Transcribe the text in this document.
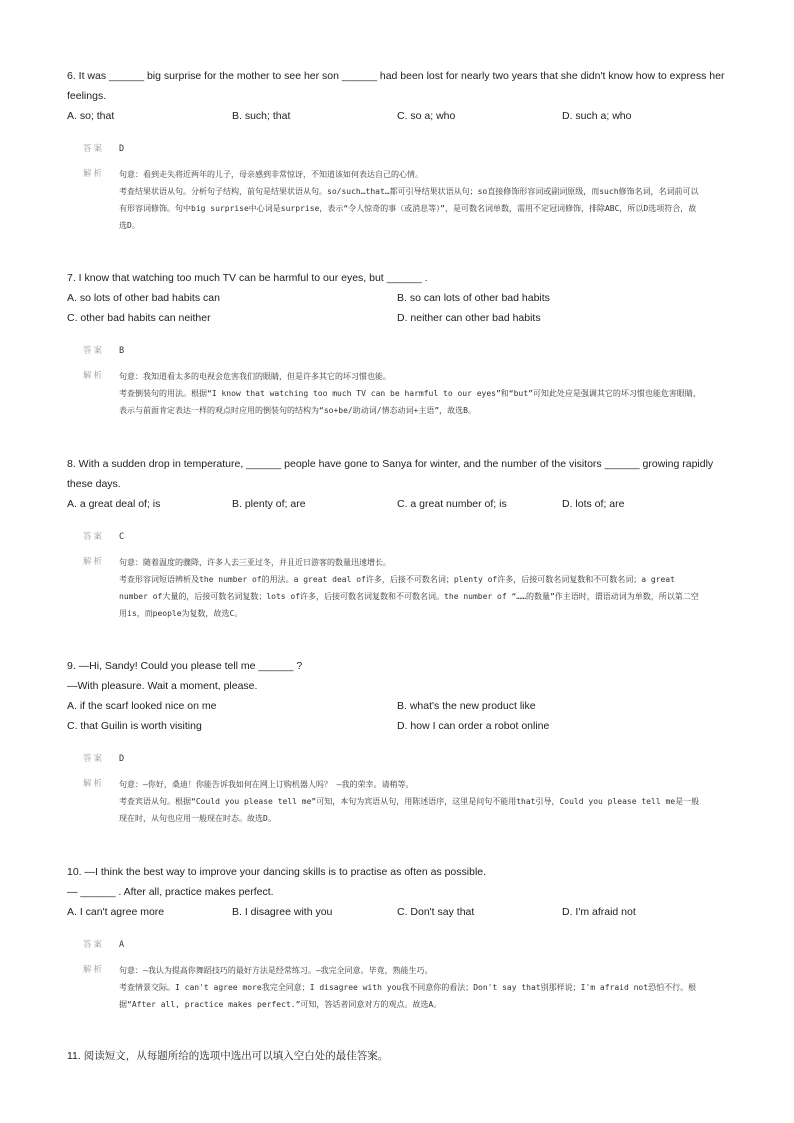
6. It was ______ big surprise for the mother to see her son ______ had been lost for nearly two years that she didn't know how to express her feelings.

A. so; that	B. such; that	C. so a; who	D. such a; who
答案 D
解析 句意：看到走失将近两年的儿子，母亲感到非常惊讶，不知道该如何表达自己的心情。

考查结果状语从句。分析句子结构，前句是结果状语从句。so/such…that…都可引导结果状语从句；so直接修饰形容词或副词原级，而such修饰名词，名词前可以有形容词修饰。句中big surprise中心词是surprise，表示“令人惊奇的事（或消息等）”，是可数名词单数，需用不定冠词修饰，排除ABC，所以D选项符合，故选D。

7. I know that watching too much TV can be harmful to our eyes, but ______ .

A. so lots of other bad habits can	B. so can lots of other bad habits
C. other bad habits can neither	D. neither can other bad habits
答案 B
解析 句意：我知道看太多的电视会危害我们的眼睛，但是许多其它的坏习惯也能。

考查倒装句的用法。根据“I know that watching too much TV can be harmful to our eyes”和“but”可知此处应是强调其它的坏习惯也能危害眼睛，表示与前面肯定表达一样的观点时应用的倒装句的结构为“so+be/助动词/情态动词+主语”，故选B。

8. With a sudden drop in temperature, ______ people have gone to Sanya for winter, and the number of the visitors ______ growing rapidly these days.

A. a great deal of; is	B. plenty of; are	C. a great number of; is	D. lots of; are
答案 C
解析 句意：随着温度的骤降，许多人去三亚过冬，并且近日游客的数量迅速增长。

考查形容词短语辨析及the number of的用法。a great deal of许多，后接不可数名词；plenty of许多，后接可数名词复数和不可数名词；a great number of大量的，后接可数名词复数；lots of许多，后接可数名词复数和不可数名词。the number of “……的数量”作主语时，谓语动词为单数，所以第二空用is，而people为复数，故选C。

9. —Hi, Sandy! Could you please tell me ______ ?
—With pleasure. Wait a moment, please.

A. if the scarf looked nice on me	B. what's the new product like
C. that Guilin is worth visiting	D. how I can order a robot online
答案 D
解析 句意：—你好，桑迪！你能告诉我如何在网上订购机器人吗？ —我的荣幸。请稍等。

考查宾语从句。根据“Could you please tell me”可知，本句为宾语从句，用陈述语序，这里是问句不能用that引导，Could you please tell me是一般现在时，从句也应用一般现在时态。故选D。

10. —I think the best way to improve your dancing skills is to practise as often as possible.
— ______ . After all, practice makes perfect.

A. I can't agree more	B. I disagree with you	C. Don't say that	D. I'm afraid not
答案 A
解析 句意：—我认为提高你舞蹈技巧的最好方法是经常练习。—我完全同意。毕竟，熟能生巧。

考查情景交际。I can't agree more我完全同意；I disagree with you我不同意你的看法；Don't say that别那样说；I'm afraid not恐怕不行。根据“After all, practice makes perfect.”可知，答话者同意对方的观点。故选A。

11. 阅读短文，从每题所给的选项中选出可以填入空白处的最佳答案。
